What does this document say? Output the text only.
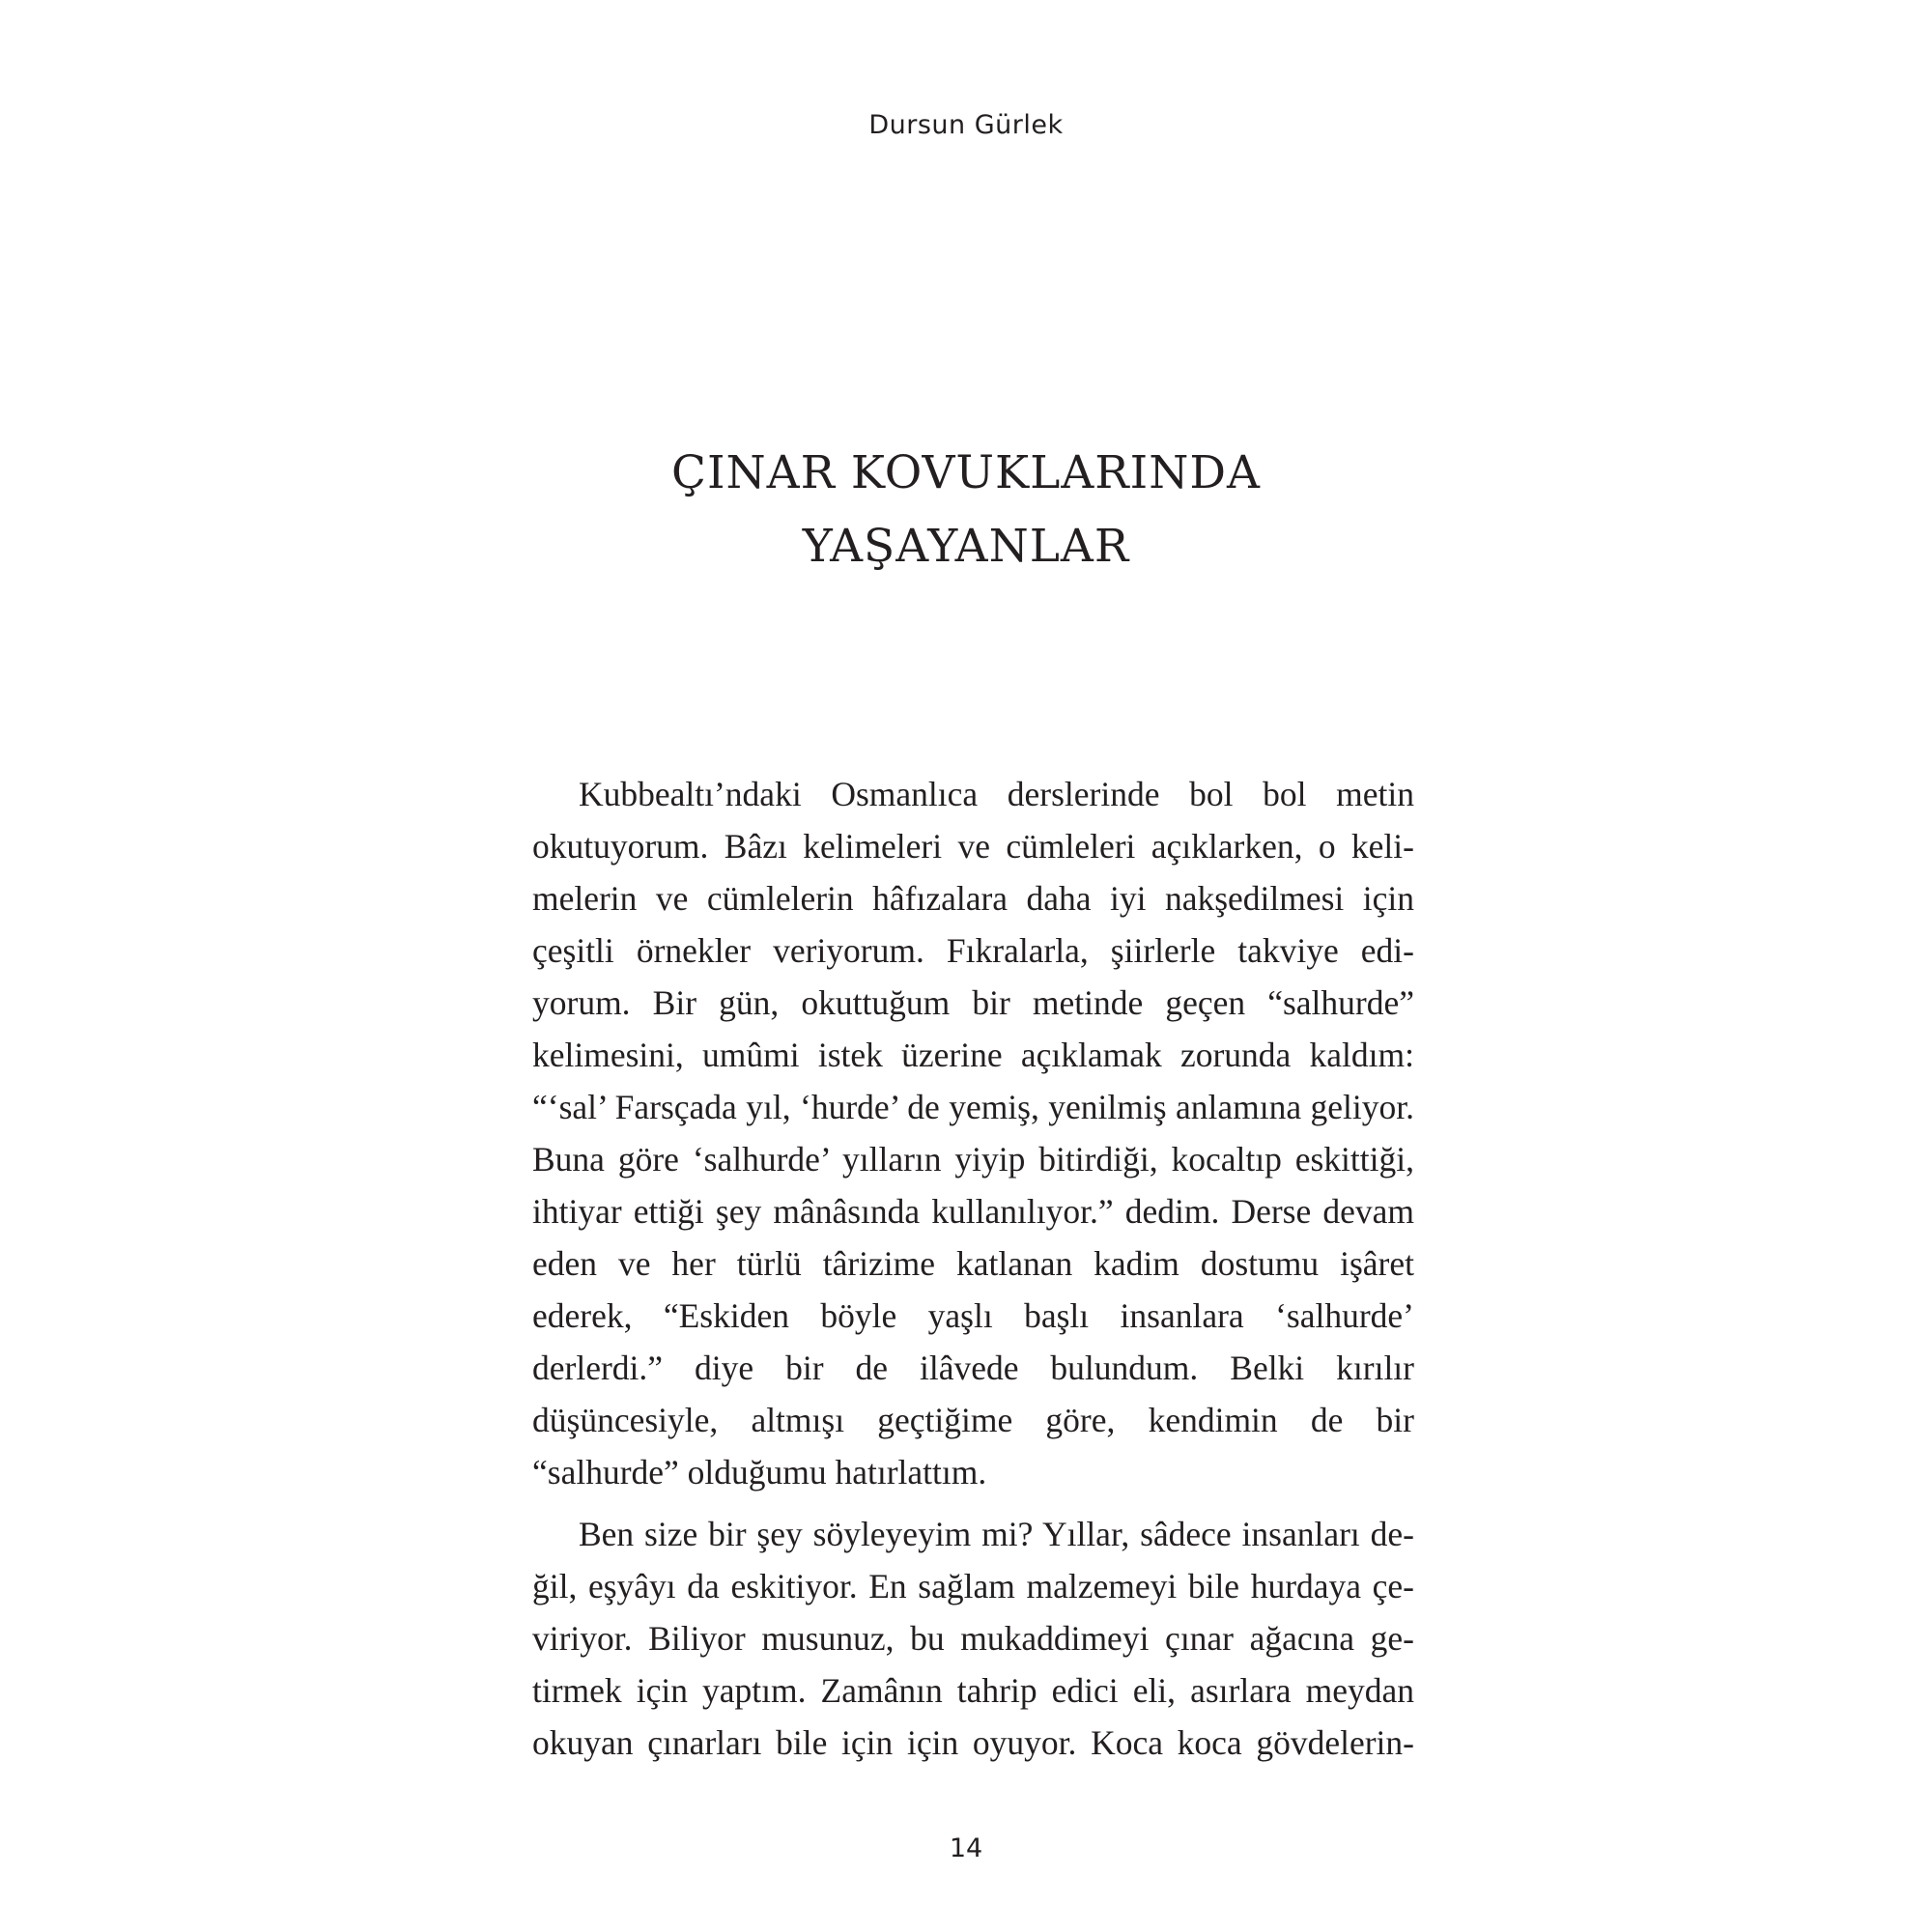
Dursun Gürlek
ÇINAR KOVUKLARINDA
YAŞAYANLAR

Kubbealtı’ndaki Osmanlıca derslerinde bol bol metin okutuyorum. Bâzı kelimeleri ve cümleleri açıklarken, o kelimelerin ve cümlelerin hâfızalara daha iyi nakşedilmesi için çeşitli örnekler veriyorum. Fıkralarla, şiirlerle takviye ediyorum. Bir gün, okuttuğum bir metinde geçen “salhurde” kelimesini, umûmi istek üzerine açıklamak zorunda kaldım: “‘sal’ Farsçada yıl, ‘hurde’ de yemiş, yenilmiş anlamına geliyor. Buna göre ‘salhurde’ yılların yiyip bitirdiği, kocaltıp eskittiği, ihtiyar ettiği şey mânâsında kullanılıyor.” dedim. Derse devam eden ve her türlü târizime katlanan kadim dostumu işâret ederek, “Eskiden böyle yaşlı başlı insanlara ‘salhurde’ derlerdi.” diye bir de ilâvede bulundum. Belki kırılır düşüncesiyle, altmışı geçtiğime göre, kendimin de bir “salhurde” olduğumu hatırlattım.

Ben size bir şey söyleyeyim mi? Yıllar, sâdece insanları değil, eşyâyı da eskitiyor. En sağlam malzemeyi bile hurdaya çeviriyor. Biliyor musunuz, bu mukaddimeyi çınar ağacına getirmek için yaptım. Zamânın tahrip edici eli, asırlara meydan okuyan çınarları bile için için oyuyor. Koca koca gövdelerin-

14
